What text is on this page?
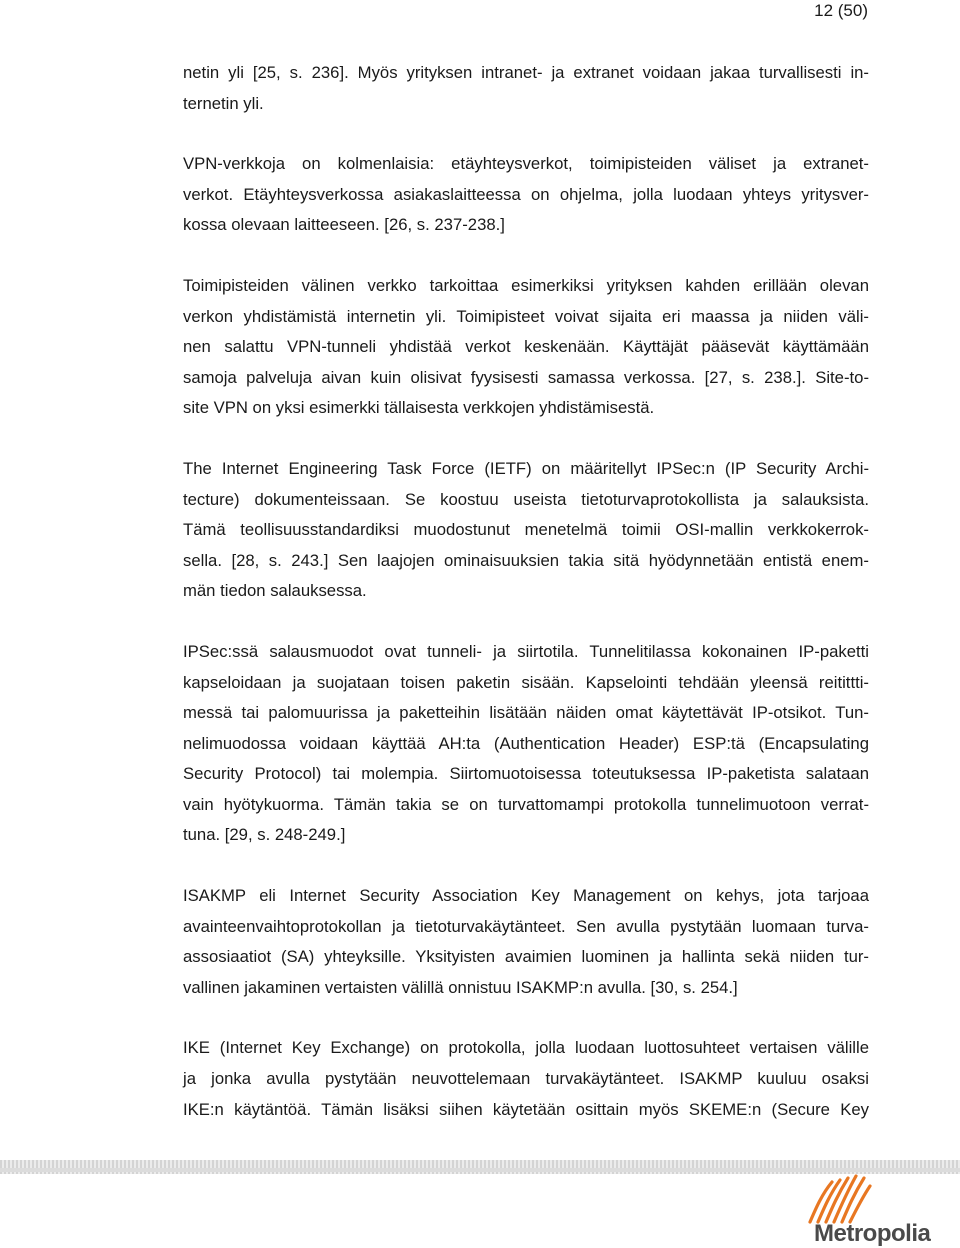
12 (50)
netin yli [25, s. 236]. Myös yrityksen intranet- ja extranet voidaan jakaa turvallisesti in-
ternetin yli.
VPN-verkkoja on kolmenlaisia: etäyhteysverkot, toimipisteiden väliset ja extranet-
verkot. Etäyhteysverkossa asiakaslaitteessa on ohjelma, jolla luodaan yhteys yritysver-
kossa olevaan laitteeseen. [26, s. 237-238.]
Toimipisteiden välinen verkko tarkoittaa esimerkiksi yrityksen kahden erillään olevan
verkon yhdistämistä internetin yli. Toimipisteet voivat sijaita eri maassa ja niiden väli-
nen salattu VPN-tunneli yhdistää verkot keskenään. Käyttäjät pääsevät käyttämään
samoja palveluja aivan kuin olisivat fyysisesti samassa verkossa. [27, s. 238.]. Site-to-
site VPN on yksi esimerkki tällaisesta verkkojen yhdistämisestä.
The Internet Engineering Task Force (IETF) on määritellyt IPSec:n (IP Security Archi-
tecture) dokumenteissaan. Se koostuu useista tietoturvaprotokollista ja salauksista.
Tämä teollisuusstandardiksi muodostunut menetelmä toimii OSI-mallin verkkokerrok-
sella. [28, s. 243.] Sen laajojen ominaisuuksien takia sitä hyödynnetään entistä enem-
män tiedon salauksessa.
IPSec:ssä salausmuodot ovat tunneli- ja siirtotila. Tunnelitilassa kokonainen IP-paketti
kapseloidaan ja suojataan toisen paketin sisään. Kapselointi tehdään yleensä reitittti-
messä tai palomuurissa ja paketteihin lisätään näiden omat käytettävät IP-otsikot. Tun-
nelimuodossa voidaan käyttää AH:ta (Authentication Header) ESP:tä (Encapsulating
Security Protocol) tai molempia. Siirtomuotoisessa toteutuksessa IP-paketista salataan
vain hyötykuorma. Tämän takia se on turvattomampi protokolla tunnelimuotoon verrat-
tuna. [29, s. 248-249.]
ISAKMP eli Internet Security Association Key Management on kehys, jota tarjoaa
avainteenvaihtoprotokollan ja tietoturvakäytänteet. Sen avulla pystytään luomaan turva-
assosiaatiot (SA) yhteyksille. Yksityisten avaimien luominen ja hallinta sekä niiden tur-
vallinen jakaminen vertaisten välillä onnistuu ISAKMP:n avulla. [30, s. 254.]
IKE (Internet Key Exchange) on protokolla, jolla luodaan luottosuhteet vertaisen välille
ja jonka avulla pystytään neuvottelemaan turvakäytänteet. ISAKMP kuuluu osaksi
IKE:n käytäntöä. Tämän lisäksi siihen käytetään osittain myös SKEME:n (Secure Key
Metropolia
